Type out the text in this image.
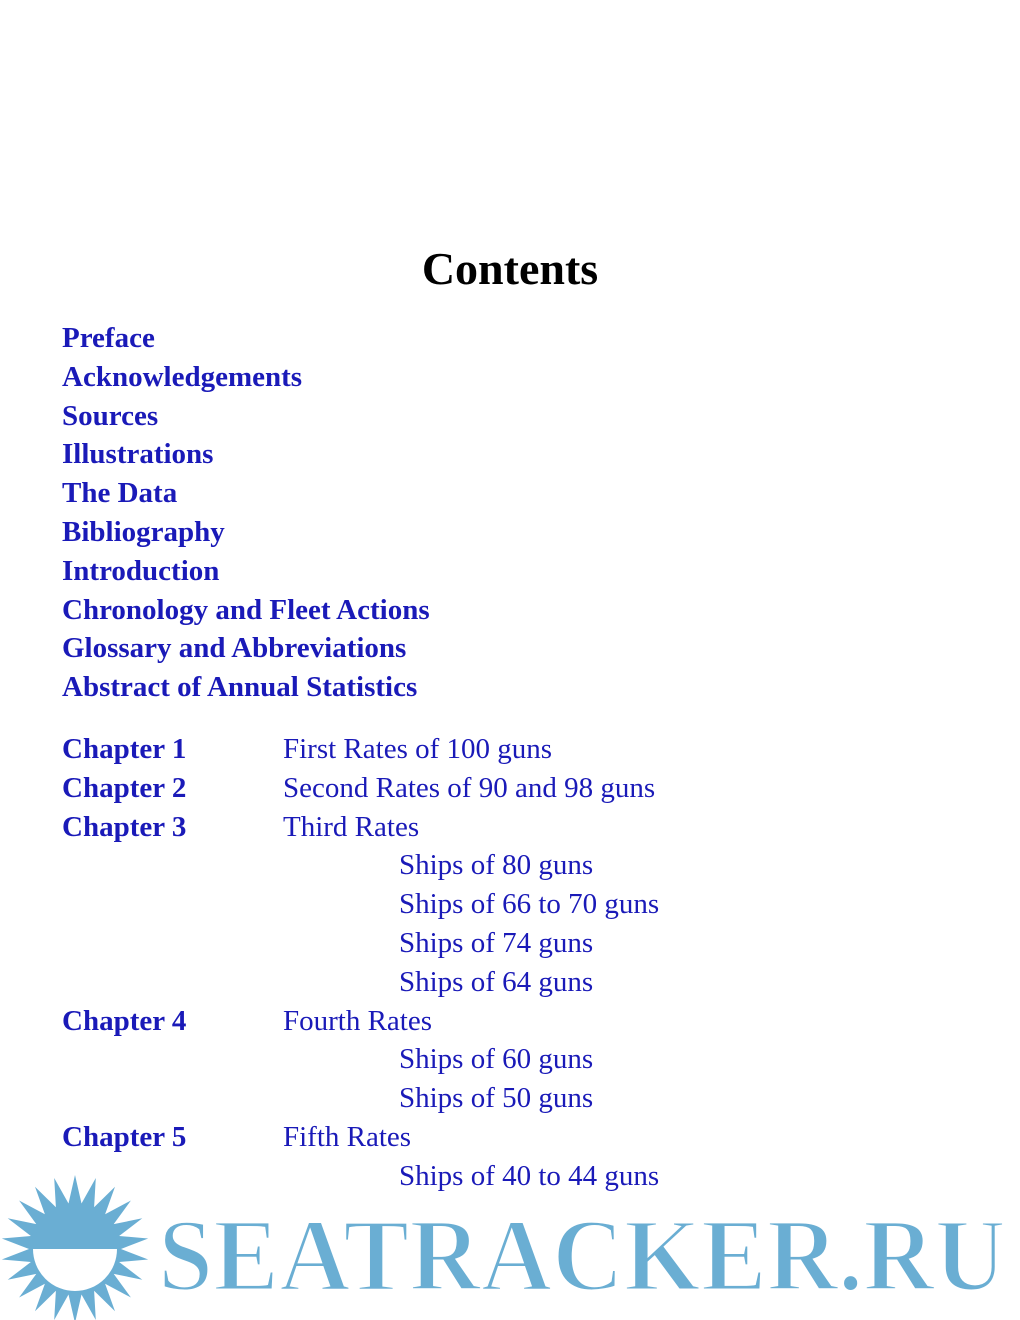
Contents
Preface
Acknowledgements
Sources
Illustrations
The Data
Bibliography
Introduction
Chronology and Fleet Actions
Glossary and Abbreviations
Abstract of Annual Statistics
Chapter 1	First Rates of 100 guns
Chapter 2	Second Rates of 90 and 98 guns
Chapter 3	Third Rates
Ships of 80 guns
Ships of 66 to 70 guns
Ships of 74 guns
Ships of 64 guns
Chapter 4	Fourth Rates
Ships of 60 guns
Ships of 50 guns
Chapter 5	Fifth Rates
Ships of 40 to 44 guns
SEATRACKER.RU
